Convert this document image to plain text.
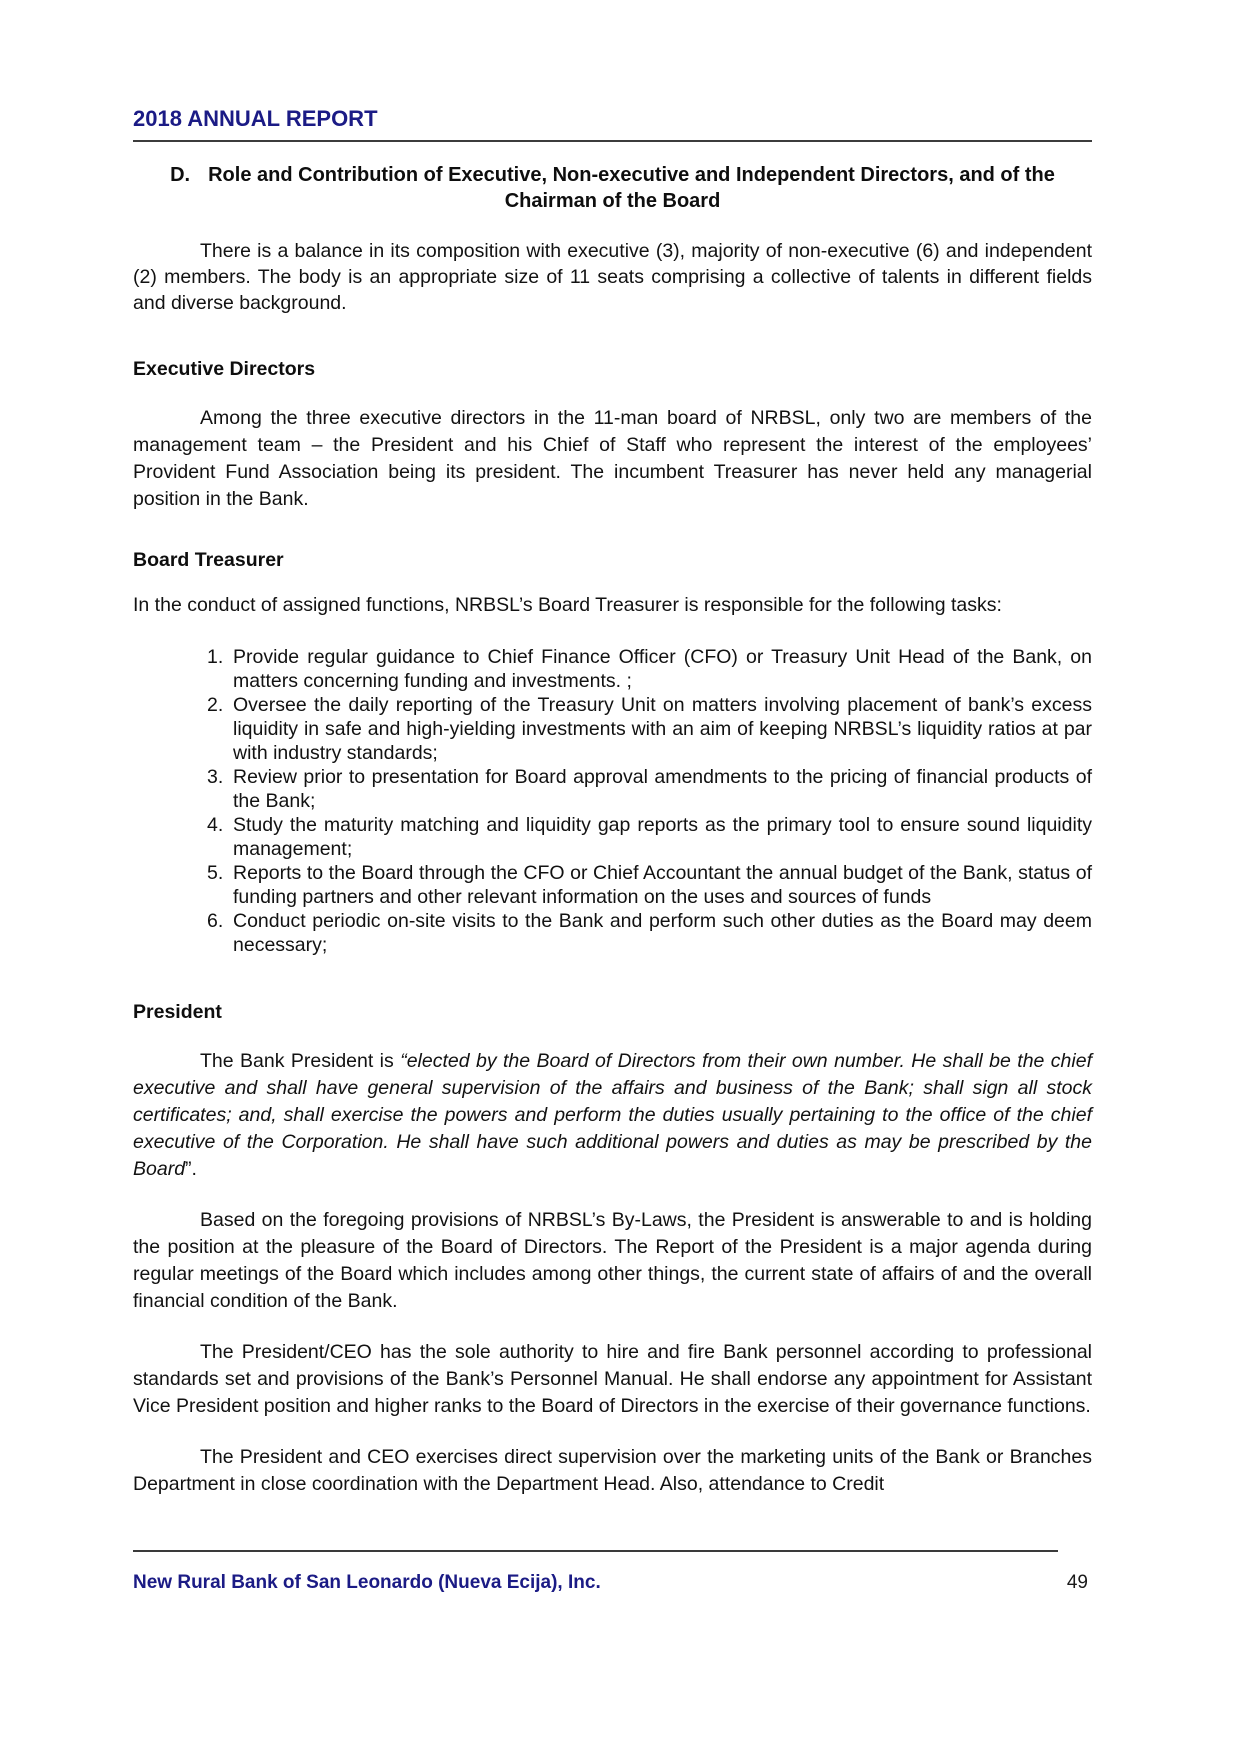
2018 ANNUAL REPORT
D. Role and Contribution of Executive, Non-executive and Independent Directors, and of the
Chairman of the Board

There is a balance in its composition with executive (3), majority of non-executive (6) and independent (2) members. The body is an appropriate size of 11 seats comprising a collective of talents in different fields and diverse background.

Executive Directors

Among the three executive directors in the 11-man board of NRBSL, only two are members of the management team – the President and his Chief of Staff who represent the interest of the employees’ Provident Fund Association being its president. The incumbent Treasurer has never held any managerial position in the Bank.

Board Treasurer

In the conduct of assigned functions, NRBSL’s Board Treasurer is responsible for the following tasks:

1. Provide regular guidance to Chief Finance Officer (CFO) or Treasury Unit Head of the Bank, on matters concerning funding and investments. ;
2. Oversee the daily reporting of the Treasury Unit on matters involving placement of bank’s excess liquidity in safe and high-yielding investments with an aim of keeping NRBSL’s liquidity ratios at par with industry standards;
3. Review prior to presentation for Board approval amendments to the pricing of financial products of the Bank;
4. Study the maturity matching and liquidity gap reports as the primary tool to ensure sound liquidity management;
5. Reports to the Board through the CFO or Chief Accountant the annual budget of the Bank, status of funding partners and other relevant information on the uses and sources of funds
6. Conduct periodic on-site visits to the Bank and perform such other duties as the Board may deem necessary;
President

The Bank President is “elected by the Board of Directors from their own number. He shall be the chief executive and shall have general supervision of the affairs and business of the Bank; shall sign all stock certificates; and, shall exercise the powers and perform the duties usually pertaining to the office of the chief executive of the Corporation. He shall have such additional powers and duties as may be prescribed by the Board”.

Based on the foregoing provisions of NRBSL’s By-Laws, the President is answerable to and is holding the position at the pleasure of the Board of Directors. The Report of the President is a major agenda during regular meetings of the Board which includes among other things, the current state of affairs of and the overall financial condition of the Bank.

The President/CEO has the sole authority to hire and fire Bank personnel according to professional standards set and provisions of the Bank’s Personnel Manual. He shall endorse any appointment for Assistant Vice President position and higher ranks to the Board of Directors in the exercise of their governance functions.

The President and CEO exercises direct supervision over the marketing units of the Bank or Branches Department in close coordination with the Department Head. Also, attendance to Credit

New Rural Bank of San Leonardo (Nueva Ecija), Inc.	49
